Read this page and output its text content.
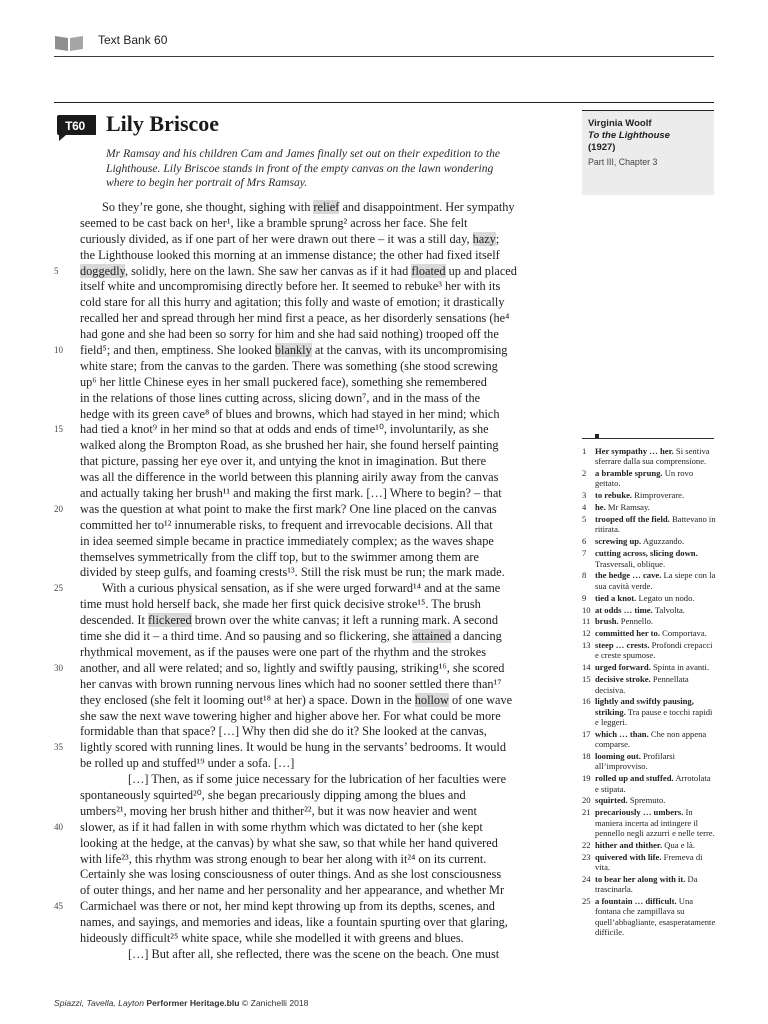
Text Bank 60
T60 Lily Briscoe
Mr Ramsay and his children Cam and James finally set out on their expedition to the
Lighthouse. Lily Briscoe stands in front of the empty canvas on the lawn wondering
where to begin her portrait of Mrs Ramsay.
Virginia Woolf
To the Lighthouse
(1927)
Part III, Chapter 3
So they’re gone, she thought, sighing with relief and disappointment. Her sympathy
seemed to be cast back on her¹, like a bramble sprung² across her face. She felt
curiously divided, as if one part of her were drawn out there – it was a still day, hazy;
the Lighthouse looked this morning at an immense distance; the other had fixed itself
5 doggedly, solidly, here on the lawn. She saw her canvas as if it had floated up and placed
itself white and uncompromising directly before her. It seemed to rebuke³ her with its
cold stare for all this hurry and agitation; this folly and waste of emotion; it drastically
recalled her and spread through her mind first a peace, as her disorderly sensations (he⁴
had gone and she had been so sorry for him and she had said nothing) trooped off the
10 field⁵; and then, emptiness. She looked blankly at the canvas, with its uncompromising
white stare; from the canvas to the garden. There was something (she stood screwing
up⁶ her little Chinese eyes in her small puckered face), something she remembered
in the relations of those lines cutting across, slicing down⁷, and in the mass of the
hedge with its green cave⁸ of blues and browns, which had stayed in her mind; which
15 had tied a knot⁹ in her mind so that at odds and ends of time¹⁰, involuntarily, as she
walked along the Brompton Road, as she brushed her hair, she found herself painting
that picture, passing her eye over it, and untying the knot in imagination. But there
was all the difference in the world between this planning airily away from the canvas
and actually taking her brush¹¹ and making the first mark. […] Where to begin? – that
20 was the question at what point to make the first mark? One line placed on the canvas
committed her to¹² innumerable risks, to frequent and irrevocable decisions. All that
in idea seemed simple became in practice immediately complex; as the waves shape
themselves symmetrically from the cliff top, but to the swimmer among them are
divided by steep gulfs, and foaming crests¹³. Still the risk must be run; the mark made.
25	With a curious physical sensation, as if she were urged forward¹⁴ and at the same
time must hold herself back, she made her first quick decisive stroke¹⁵. The brush
descended. It flickered brown over the white canvas; it left a running mark. A second
time she did it – a third time. And so pausing and so flickering, she attained a dancing
rhythmical movement, as if the pauses were one part of the rhythm and the strokes
30 another, and all were related; and so, lightly and swiftly pausing, striking¹⁶, she scored
her canvas with brown running nervous lines which had no sooner settled there than¹⁷
they enclosed (she felt it looming out¹⁸ at her) a space. Down in the hollow of one wave
she saw the next wave towering higher and higher above her. For what could be more
formidable than that space? […] Why then did she do it? She looked at the canvas,
35 lightly scored with running lines. It would be hung in the servants’ bedrooms. It would
be rolled up and stuffed¹⁹ under a sofa. […]
[…] Then, as if some juice necessary for the lubrication of her faculties were
spontaneously squirted²⁰, she began precariously dipping among the blues and
umbers²¹, moving her brush hither and thither²², but it was now heavier and went
40 slower, as if it had fallen in with some rhythm which was dictated to her (she kept
looking at the hedge, at the canvas) by what she saw, so that while her hand quivered
with life²³, this rhythm was strong enough to bear her along with it²⁴ on its current.
Certainly she was losing consciousness of outer things. And as she lost consciousness
of outer things, and her name and her personality and her appearance, and whether Mr
45 Carmichael was there or not, her mind kept throwing up from its depths, scenes, and
names, and sayings, and memories and ideas, like a fountain spurting over that glaring,
hideously difficult²⁵ white space, while she modelled it with greens and blues.
[…] But after all, she reflected, there was the scene on the beach. One must
1 Her sympathy … her. Si sentiva sferrare dalla sua comprensione.
2 a bramble sprung. Un rovo gettato.
3 to rebuke. Rimproverare.
4 he. Mr Ramsay.
5 trooped off the field. Battevano in ritirata.
6 screwing up. Aguzzando.
7 cutting across, slicing down. Trasversali, oblique.
8 the hedge … cave. La siepe con la sua cavità verde.
9 tied a knot. Legato un nodo.
10 at odds … time. Talvolta.
11 brush. Pennello.
12 committed her to. Comportava.
13 steep … crests. Profondi crepacci e creste spumose.
14 urged forward. Spinta in avanti.
15 decisive stroke. Pennellata decisiva.
16 lightly and swiftly pausing, striking. Tra pause e tocchi rapidi e leggeri.
17 which … than. Che non appena comparse.
18 looming out. Profilarsi all’improvviso.
19 rolled up and stuffed. Arrotolata e stipata.
20 squirted. Spremuto.
21 precariously … umbers. In maniera incerta ad intingere il pennello negli azzurri e nelle terre.
22 hither and thither. Qua e là.
23 quivered with life. Fremeva di vita.
24 to bear her along with it. Da trascinarla.
25 a fountain … difficult. Una fontana che zampillava su quell’abbagliante, esasperatamente difficile.
Spiazzi, Tavella, Layton Performer Heritage.blu © Zanichelli 2018
